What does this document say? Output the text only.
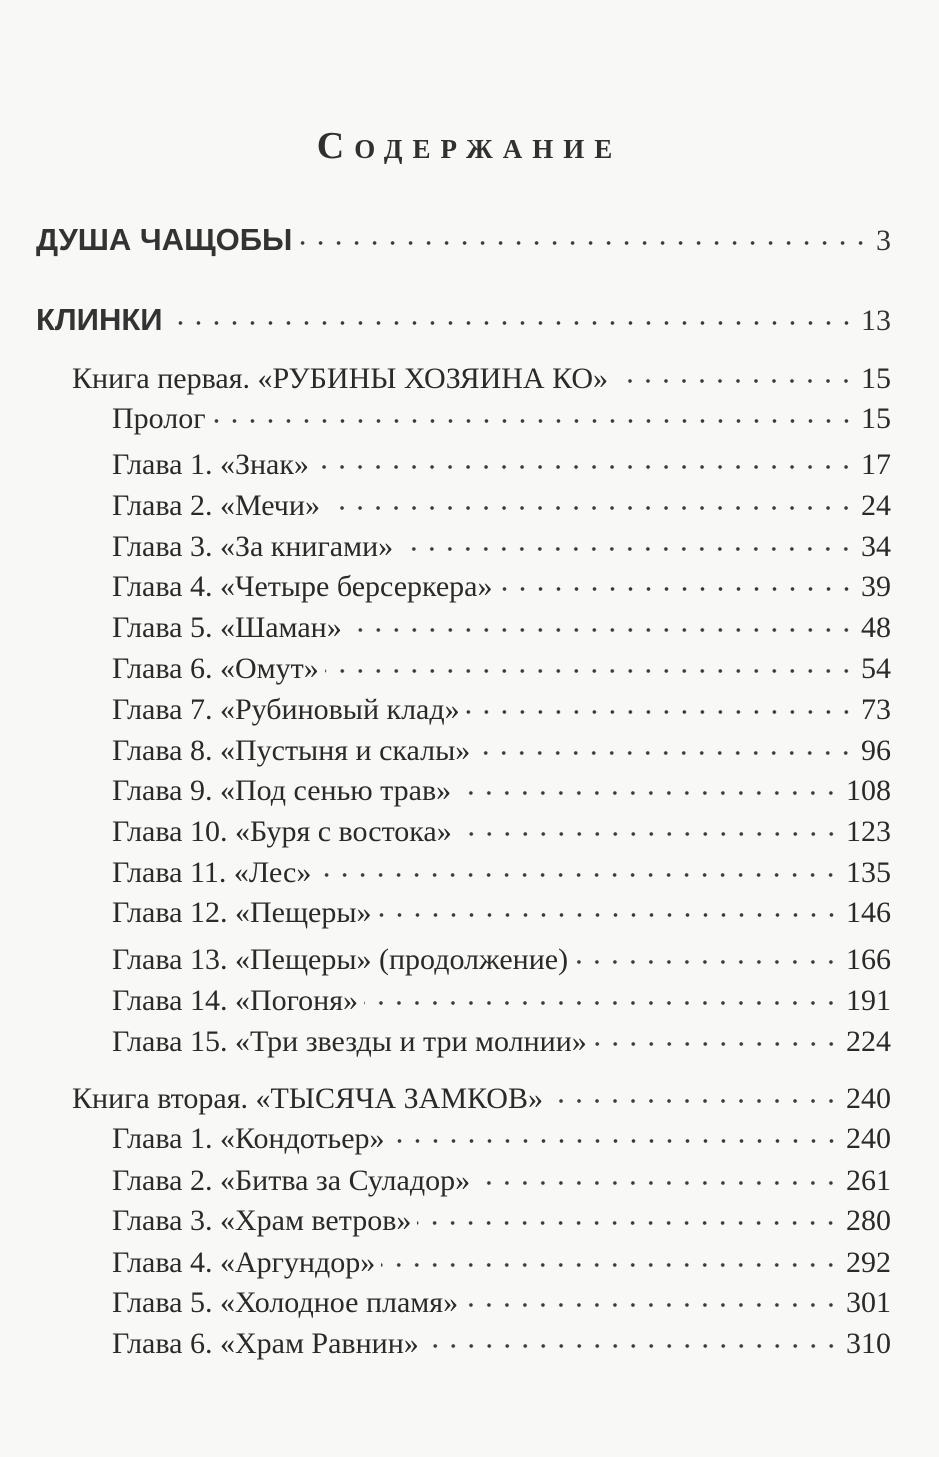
Содержание
ДУША ЧАЩОБЫ	3
КЛИНКИ	13
Книга первая. «РУБИНЫ ХОЗЯИНА КО»	15
Пролог	15
Глава 1. «Знак»	17
Глава 2. «Мечи»	24
Глава 3. «За книгами»	34
Глава 4. «Четыре берсеркера»	39
Глава 5. «Шаман»	48
Глава 6. «Омут»	54
Глава 7. «Рубиновый клад»	73
Глава 8. «Пустыня и скалы»	96
Глава 9. «Под сенью трав»	108
Глава 10. «Буря с востока»	123
Глава 11. «Лес»	135
Глава 12. «Пещеры»	146
Глава 13. «Пещеры» (продолжение)	166
Глава 14. «Погоня»	191
Глава 15. «Три звезды и три молнии»	224
Книга вторая. «ТЫСЯЧА ЗАМКОВ»	240
Глава 1. «Кондотьер»	240
Глава 2. «Битва за Суладор»	261
Глава 3. «Храм ветров»	280
Глава 4. «Аргундор»	292
Глава 5. «Холодное пламя»	301
Глава 6. «Храм Равнин»	310
